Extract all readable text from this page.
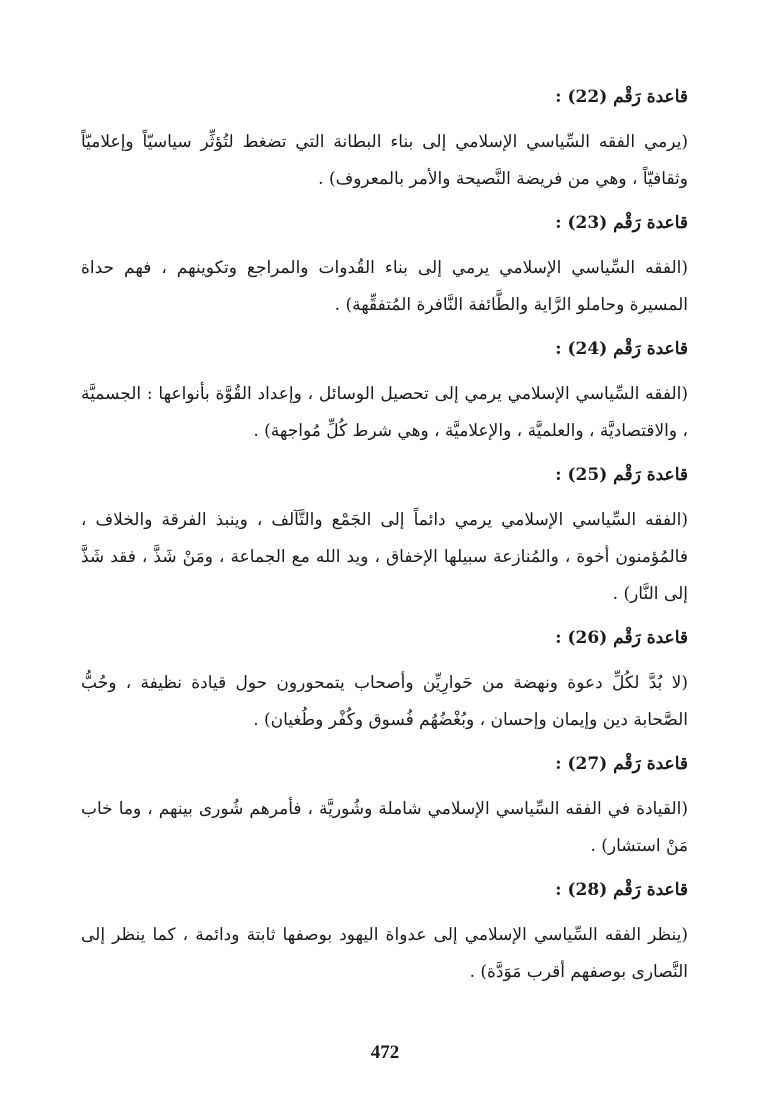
قاعدة رَقْم (22) :

(يرمي الفقه السِّياسي الإسلامي إلى بناء البطانة التي تضغط لتُؤثِّر سياسيّاً وإعلاميّاً وثقافيّاً ، وهي من فريضة النَّصيحة والأمر بالمعروف) .

قاعدة رَقْم (23) :

(الفقه السِّياسي الإسلامي يرمي إلى بناء القُدوات والمراجع وتكوينهم ، فهم حداة المسيرة وحاملو الرَّاية والطَّائفة النَّافرة المُتفقِّهة) .

قاعدة رَقْم (24) :

(الفقه السِّياسي الإسلامي يرمي إلى تحصيل الوسائل ، وإعداد القُوَّة بأنواعها : الجسميَّة ، والاقتصاديَّة ، والعلميَّة ، والإعلاميَّة ، وهي شرط كُلِّ مُواجهة) .

قاعدة رَقْم (25) :

(الفقه السِّياسي الإسلامي يرمي دائماً إلى الجَمْع والتَّآلف ، وينبذ الفرقة والخلاف ، فالمُؤمنون أخوة ، والمُنازعة سبيلها الإخفاق ، ويد الله مع الجماعة ، ومَنْ شَذَّ ، فقد شَذَّ إلى النَّار) .

قاعدة رَقْم (26) :

(لا بُدَّ لكُلِّ دعوة ونهضة من حَوارِيِّن وأصحاب يتمحورون حول قيادة نظيفة ، وحُبُّ الصَّحابة دين وإيمان وإحسان ، وبُغْضُهُم فُسوق وكُفْر وطُغيان) .

قاعدة رَقْم (27) :

(القيادة في الفقه السِّياسي الإسلامي شاملة وشُوريَّة ، فأمرهم شُورى بينهم ، وما خاب مَنْ استشار) .

قاعدة رَقْم (28) :

(ينظر الفقه السِّياسي الإسلامي إلى عدواة اليهود بوصفها ثابتة ودائمة ، كما ينظر إلى النَّصارى بوصفهم أقرب مَوَدَّة) .

472
